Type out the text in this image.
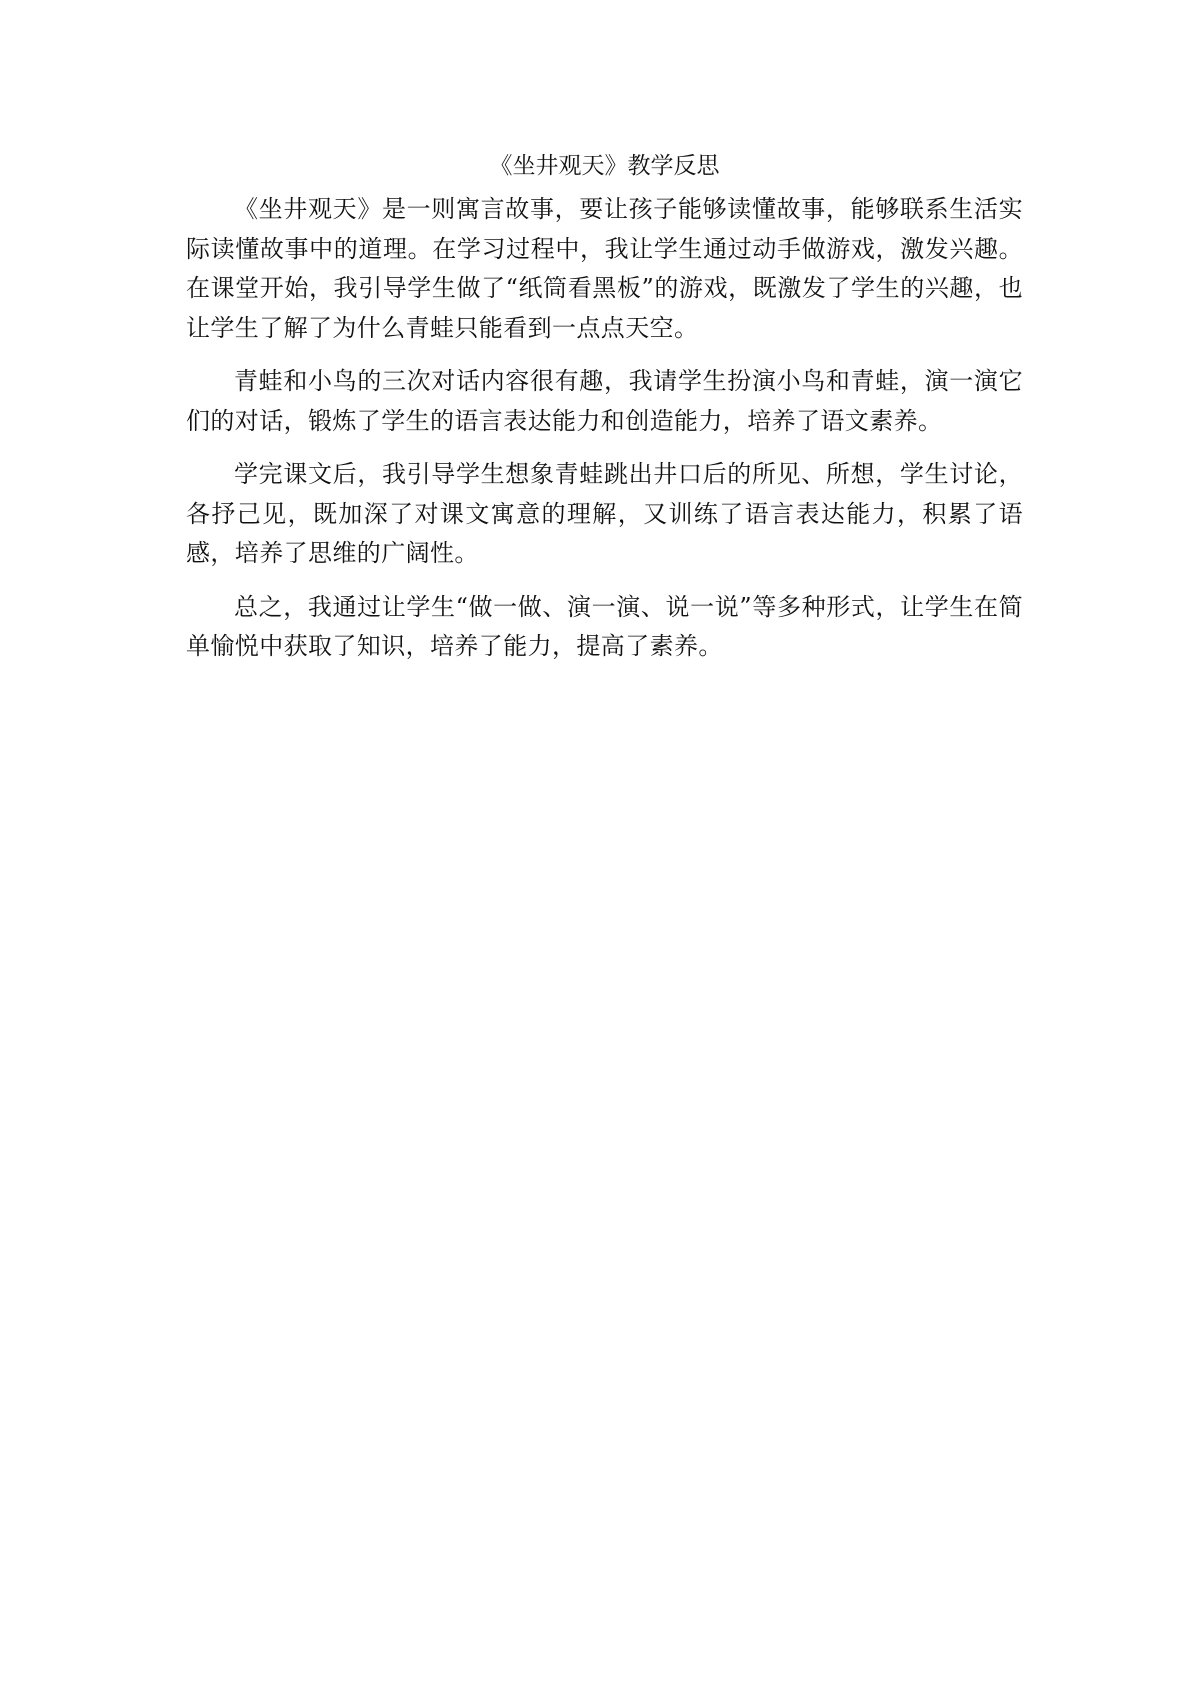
《坐井观天》教学反思

《坐井观天》是一则寓言故事，要让孩子能够读懂故事，能够联系生活实际读懂故事中的道理。在学习过程中，我让学生通过动手做游戏，激发兴趣。在课堂开始，我引导学生做了“纸筒看黑板”的游戏，既激发了学生的兴趣，也让学生了解了为什么青蛙只能看到一点点天空。

青蛙和小鸟的三次对话内容很有趣，我请学生扮演小鸟和青蛙，演一演它们的对话，锻炼了学生的语言表达能力和创造能力，培养了语文素养。

学完课文后，我引导学生想象青蛙跳出井口后的所见、所想，学生讨论，各抒己见，既加深了对课文寓意的理解，又训练了语言表达能力，积累了语感，培养了思维的广阔性。

总之，我通过让学生“做一做、演一演、说一说”等多种形式，让学生在简单愉悦中获取了知识，培养了能力，提高了素养。
